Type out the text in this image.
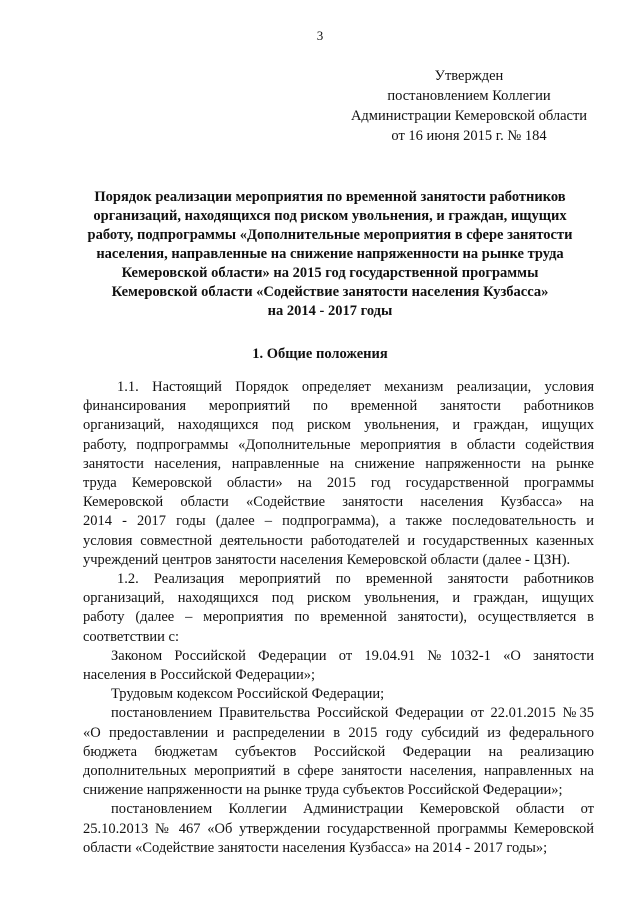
3
Утвержден
постановлением Коллегии
Администрации Кемеровской области
от 16 июня 2015 г. № 184
Порядок реализации мероприятия по временной занятости работников
организаций, находящихся под риском увольнения, и граждан, ищущих
работу, подпрограммы «Дополнительные мероприятия в сфере занятости
населения, направленные на снижение напряженности на рынке труда
Кемеровской области» на 2015 год государственной программы
Кемеровской области «Содействие занятости населения Кузбасса»
на 2014 - 2017 годы
1. Общие положения

1.1. Настоящий Порядок определяет механизм реализации, условия
финансирования мероприятий по временной занятости работников
организаций, находящихся под риском увольнения, и граждан, ищущих
работу, подпрограммы «Дополнительные мероприятия в области содействия
занятости населения, направленные на снижение напряженности на рынке
труда Кемеровской области» на 2015 год государственной программы
Кемеровской области «Содействие занятости населения Кузбасса» на
2014 - 2017 годы (далее – подпрограмма), а также последовательность и
условия совместной деятельности работодателей и государственных казенных
учреждений центров занятости населения Кемеровской области (далее - ЦЗН).

1.2. Реализация мероприятий по временной занятости работников
организаций, находящихся под риском увольнения, и граждан, ищущих
работу (далее – мероприятия по временной занятости), осуществляется в
соответствии с:

Законом Российской Федерации от 19.04.91 №1032-1 «О занятости
населения в Российской Федерации»;

Трудовым кодексом Российской Федерации;

постановлением Правительства Российской Федерации от 22.01.2015 №35
«О предоставлении и распределении в 2015 году субсидий из федерального
бюджета бюджетам субъектов Российской Федерации на реализацию
дополнительных мероприятий в сфере занятости населения, направленных на
снижение напряженности на рынке труда субъектов Российской Федерации»;

постановлением Коллегии Администрации Кемеровской области от
25.10.2013 № 467 «Об утверждении государственной программы Кемеровской
области «Содействие занятости населения Кузбасса» на 2014 - 2017 годы»;
